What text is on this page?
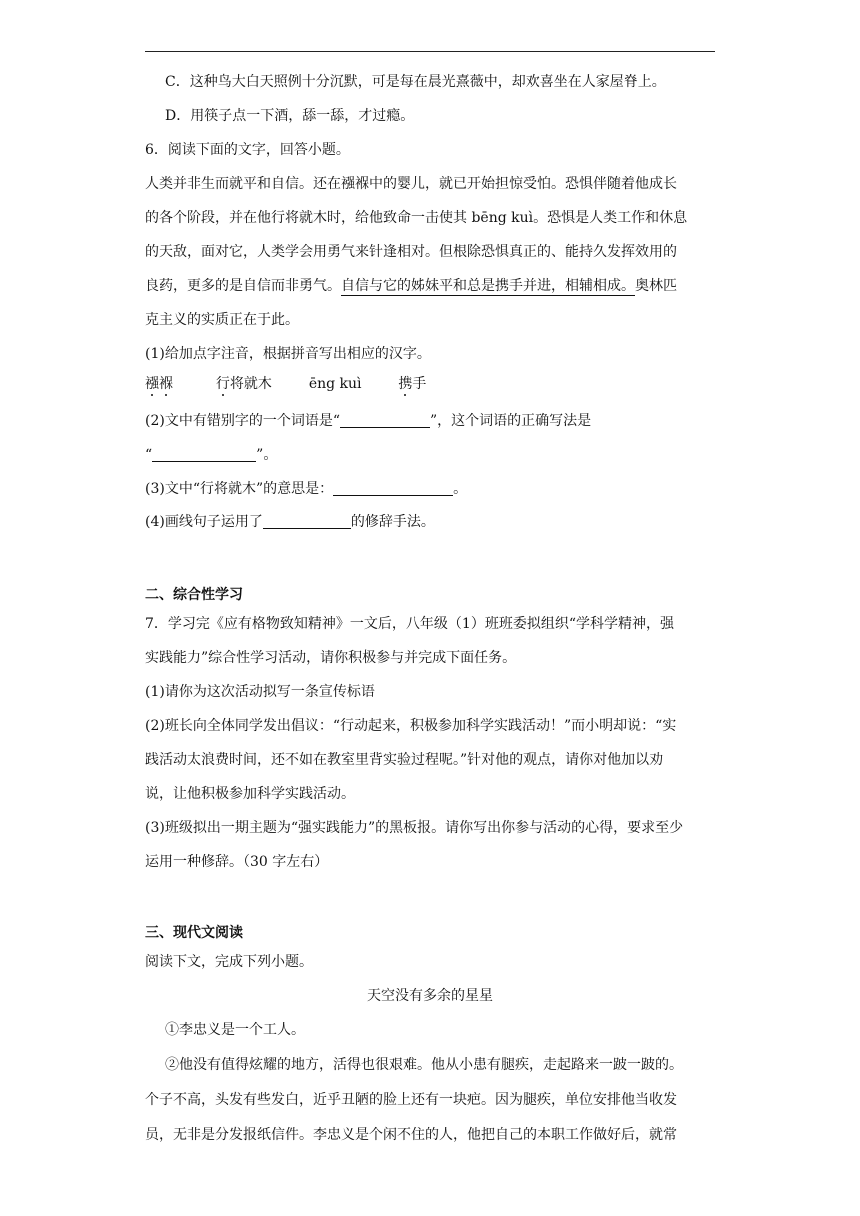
C．这种鸟大白天照例十分沉默，可是每在晨光熹薇中，却欢喜坐在人家屋脊上。
D．用筷子点一下酒，舔一舔，才过瘾。
6．阅读下面的文字，回答小题。
人类并非生而就平和自信。还在襁褓中的婴儿，就已开始担惊受怕。恐惧伴随着他成长
的各个阶段，并在他行将就木时，给他致命一击使其 bēng kuì。恐惧是人类工作和休息
的天敌，面对它，人类学会用勇气来针逢相对。但根除恐惧真正的、能持久发挥效用的
良药，更多的是自信而非勇气。自信与它的姊妹平和总是携手并进，相辅相成。奥林匹
克主义的实质正在于此。
(1)给加点字注音，根据拼音写出相应的汉字。
襁褓	行将就木	ēng kuì	携手
(2)文中有错别字的一个词语是“	”，这个词语的正确写法是
“	”。
(3)文中“行将就木”的意思是：	。
(4)画线句子运用了	的修辞手法。
二、综合性学习
7．学习完《应有格物致知精神》一文后，八年级（1）班班委拟组织“学科学精神，强
实践能力”综合性学习活动，请你积极参与并完成下面任务。
(1)请你为这次活动拟写一条宣传标语
(2)班长向全体同学发出倡议：“行动起来，积极参加科学实践活动！”而小明却说：“实
践活动太浪费时间，还不如在教室里背实验过程呢。”针对他的观点，请你对他加以劝
说，让他积极参加科学实践活动。
(3)班级拟出一期主题为“强实践能力”的黑板报。请你写出你参与活动的心得，要求至少
运用一种修辞。（30 字左右）
三、现代文阅读
阅读下文，完成下列小题。
天空没有多余的星星
①李忠义是一个工人。
②他没有值得炫耀的地方，活得也很艰难。他从小患有腿疾，走起路来一跛一跛的。
个子不高，头发有些发白，近乎丑陋的脸上还有一块疤。因为腿疾，单位安排他当收发
员，无非是分发报纸信件。李忠义是个闲不住的人，他把自己的本职工作做好后，就常
